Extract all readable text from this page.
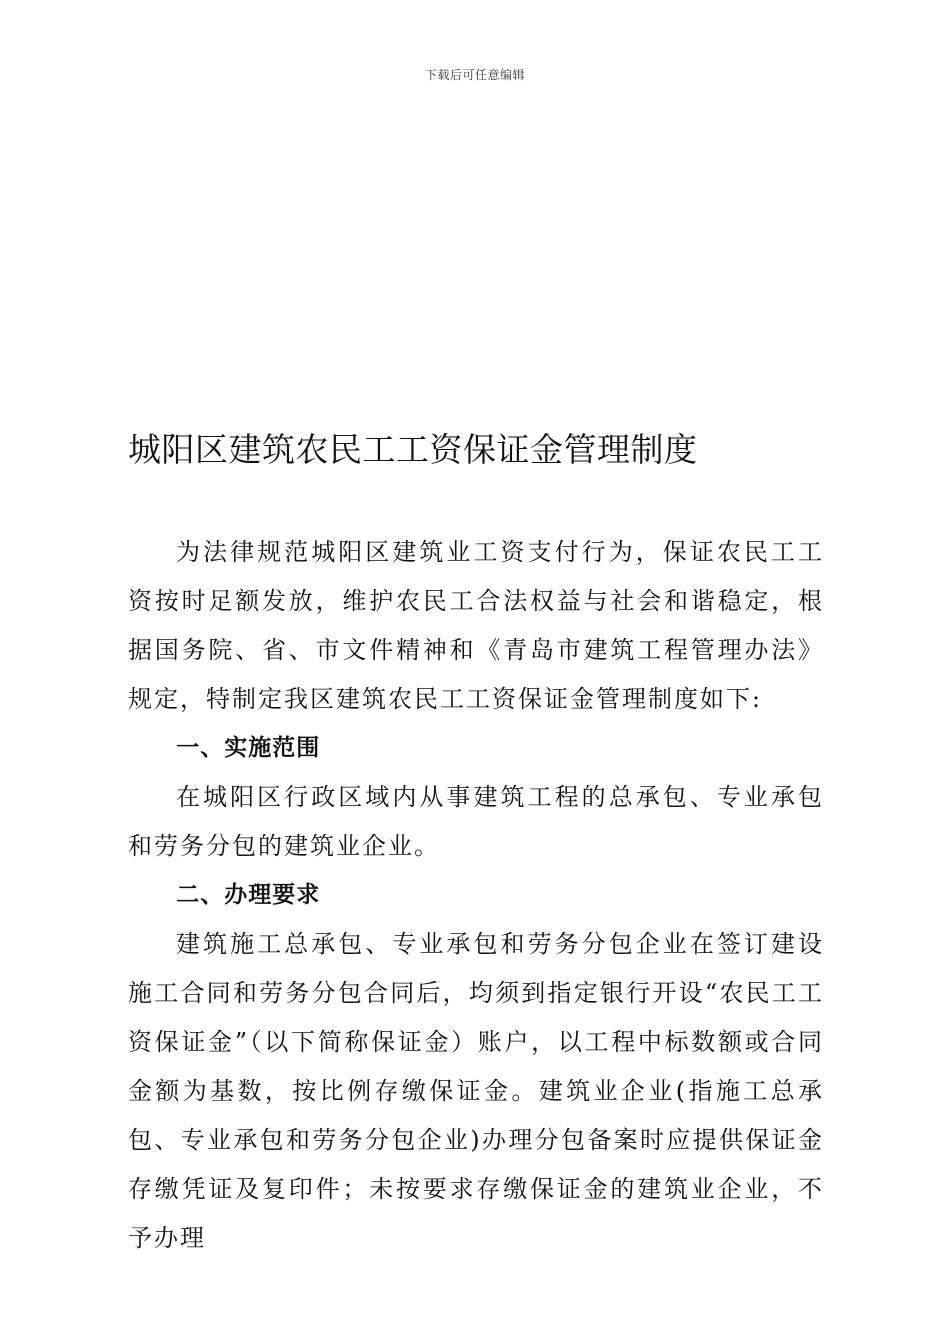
下载后可任意编辑
城阳区建筑农民工工资保证金管理制度

为法律规范城阳区建筑业工资支付行为，保证农民工工资按时足额发放，维护农民工合法权益与社会和谐稳定，根据国务院、省、市文件精神和《青岛市建筑工程管理办法》规定，特制定我区建筑农民工工资保证金管理制度如下:

一、实施范围

在城阳区行政区域内从事建筑工程的总承包、专业承包和劳务分包的建筑业企业。

二、办理要求

建筑施工总承包、专业承包和劳务分包企业在签订建设施工合同和劳务分包合同后，均须到指定银行开设“农民工工资保证金”（以下简称保证金）账户，以工程中标数额或合同金额为基数，按比例存缴保证金。建筑业企业(指施工总承包、专业承包和劳务分包企业)办理分包备案时应提供保证金存缴凭证及复印件；未按要求存缴保证金的建筑业企业，不予办理
